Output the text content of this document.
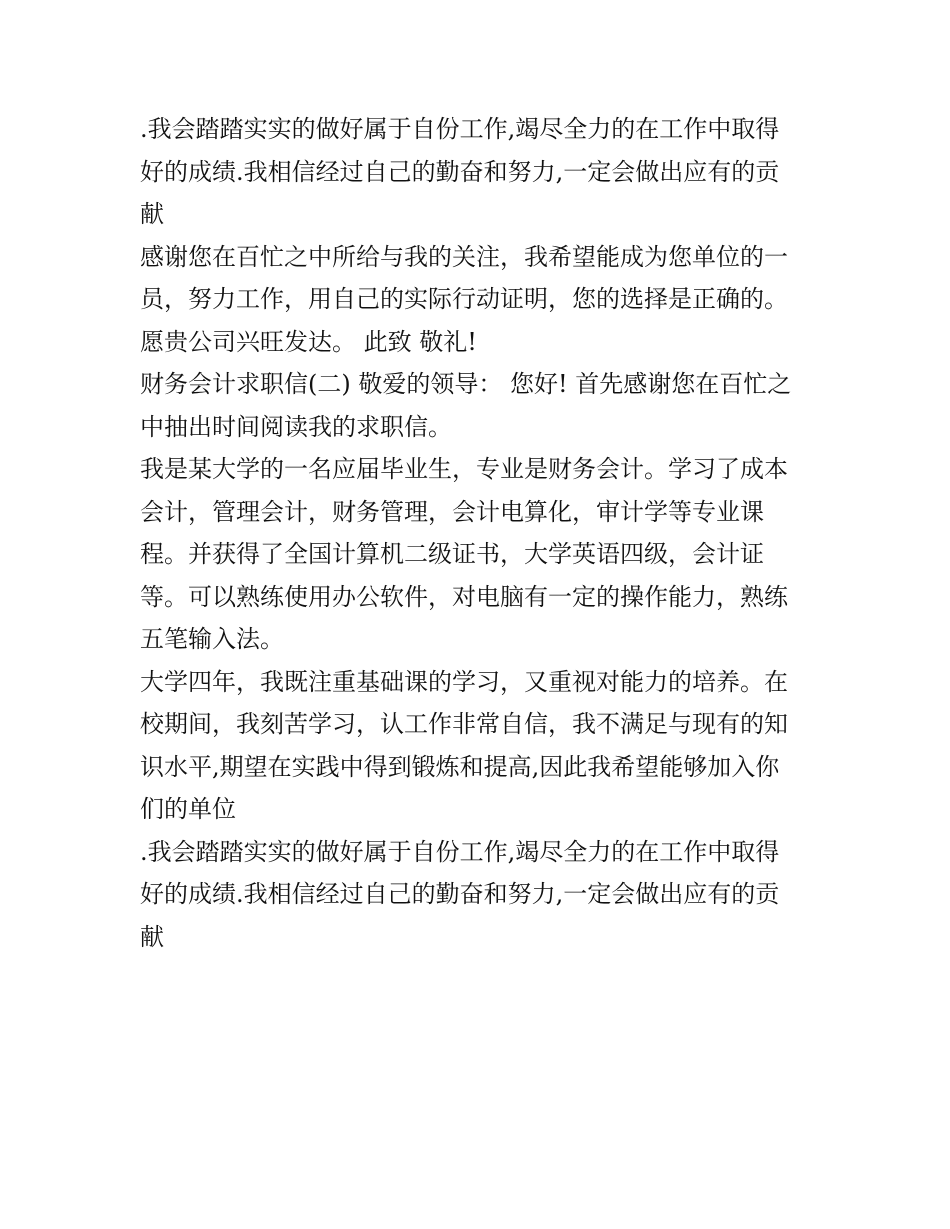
.我会踏踏实实的做好属于自份工作,竭尽全力的在工作中取得
好的成绩.我相信经过自己的勤奋和努力,一定会做出应有的贡
献
感谢您在百忙之中所给与我的关注，我希望能成为您单位的一
员，努力工作，用自己的实际行动证明，您的选择是正确的。
愿贵公司兴旺发达。 此致 敬礼!
财务会计求职信(二) 敬爱的领导： 您好! 首先感谢您在百忙之
中抽出时间阅读我的求职信。
我是某大学的一名应届毕业生，专业是财务会计。学习了成本
会计，管理会计，财务管理，会计电算化，审计学等专业课
程。并获得了全国计算机二级证书，大学英语四级，会计证
等。可以熟练使用办公软件，对电脑有一定的操作能力，熟练
五笔输入法。
大学四年，我既注重基础课的学习，又重视对能力的培养。在
校期间，我刻苦学习，认工作非常自信，我不满足与现有的知
识水平,期望在实践中得到锻炼和提高,因此我希望能够加入你
们的单位
.我会踏踏实实的做好属于自份工作,竭尽全力的在工作中取得
好的成绩.我相信经过自己的勤奋和努力,一定会做出应有的贡
献
